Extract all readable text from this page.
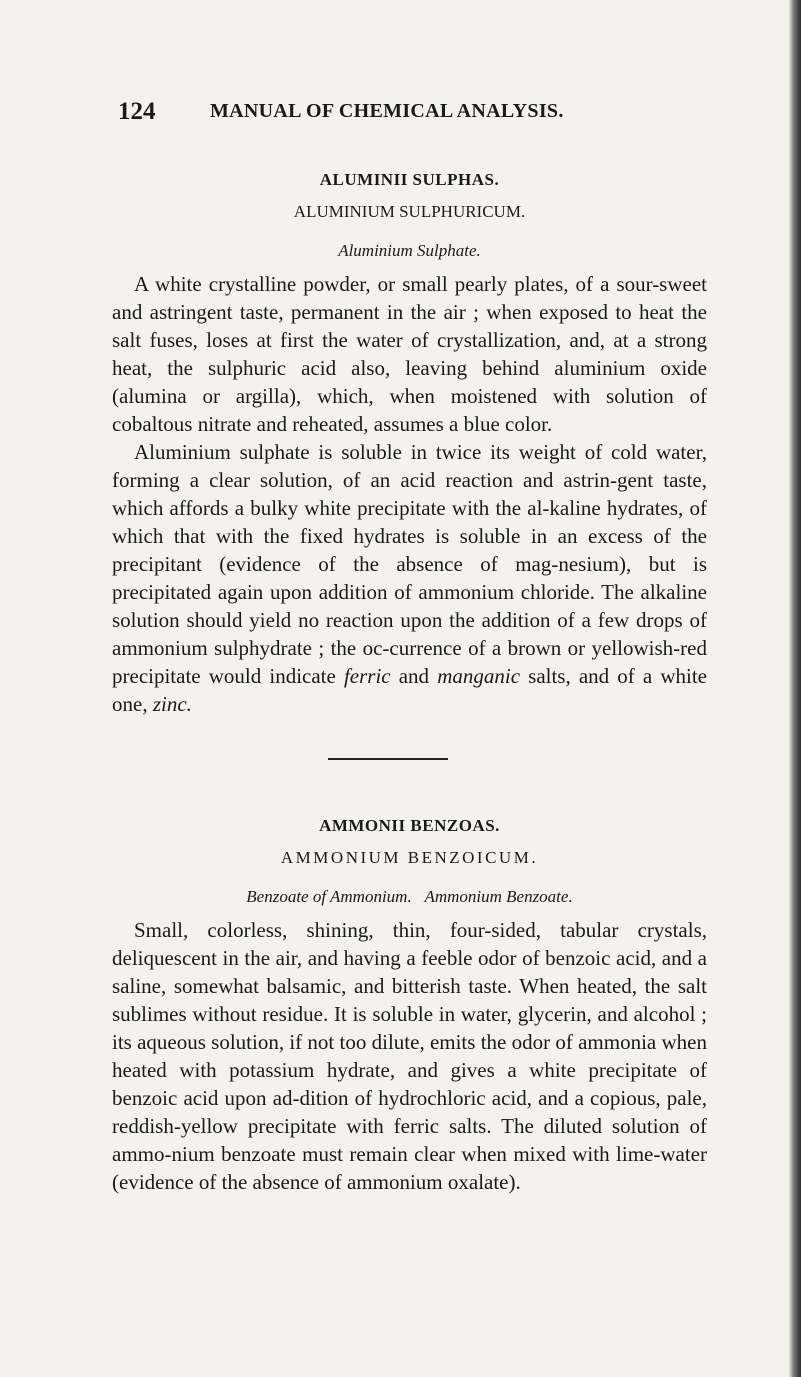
124	MANUAL OF CHEMICAL ANALYSIS.
ALUMINII SULPHAS.
ALUMINIUM SULPHURICUM.
Aluminium Sulphate.

A white crystalline powder, or small pearly plates, of a sour-sweet and astringent taste, permanent in the air ; when exposed to heat the salt fuses, loses at first the water of crystallization, and, at a strong heat, the sulphuric acid also, leaving behind aluminium oxide (alumina or argilla), which, when moistened with solution of cobaltous nitrate and reheated, assumes a blue color.

Aluminium sulphate is soluble in twice its weight of cold water, forming a clear solution, of an acid reaction and astrin-gent taste, which affords a bulky white precipitate with the al-kaline hydrates, of which that with the fixed hydrates is soluble in an excess of the precipitant (evidence of the absence of mag-nesium), but is precipitated again upon addition of ammonium chloride. The alkaline solution should yield no reaction upon the addition of a few drops of ammonium sulphydrate ; the oc-currence of a brown or yellowish-red precipitate would indicate ferric and manganic salts, and of a white one, zinc.

AMMONII BENZOAS.
AMMONIUM BENZOICUM.
Benzoate of Ammonium. Ammonium Benzoate.

Small, colorless, shining, thin, four-sided, tabular crystals, deliquescent in the air, and having a feeble odor of benzoic acid, and a saline, somewhat balsamic, and bitterish taste. When heated, the salt sublimes without residue. It is soluble in water, glycerin, and alcohol ; its aqueous solution, if not too dilute, emits the odor of ammonia when heated with potassium hydrate, and gives a white precipitate of benzoic acid upon ad-dition of hydrochloric acid, and a copious, pale, reddish-yellow precipitate with ferric salts. The diluted solution of ammo-nium benzoate must remain clear when mixed with lime-water (evidence of the absence of ammonium oxalate).
